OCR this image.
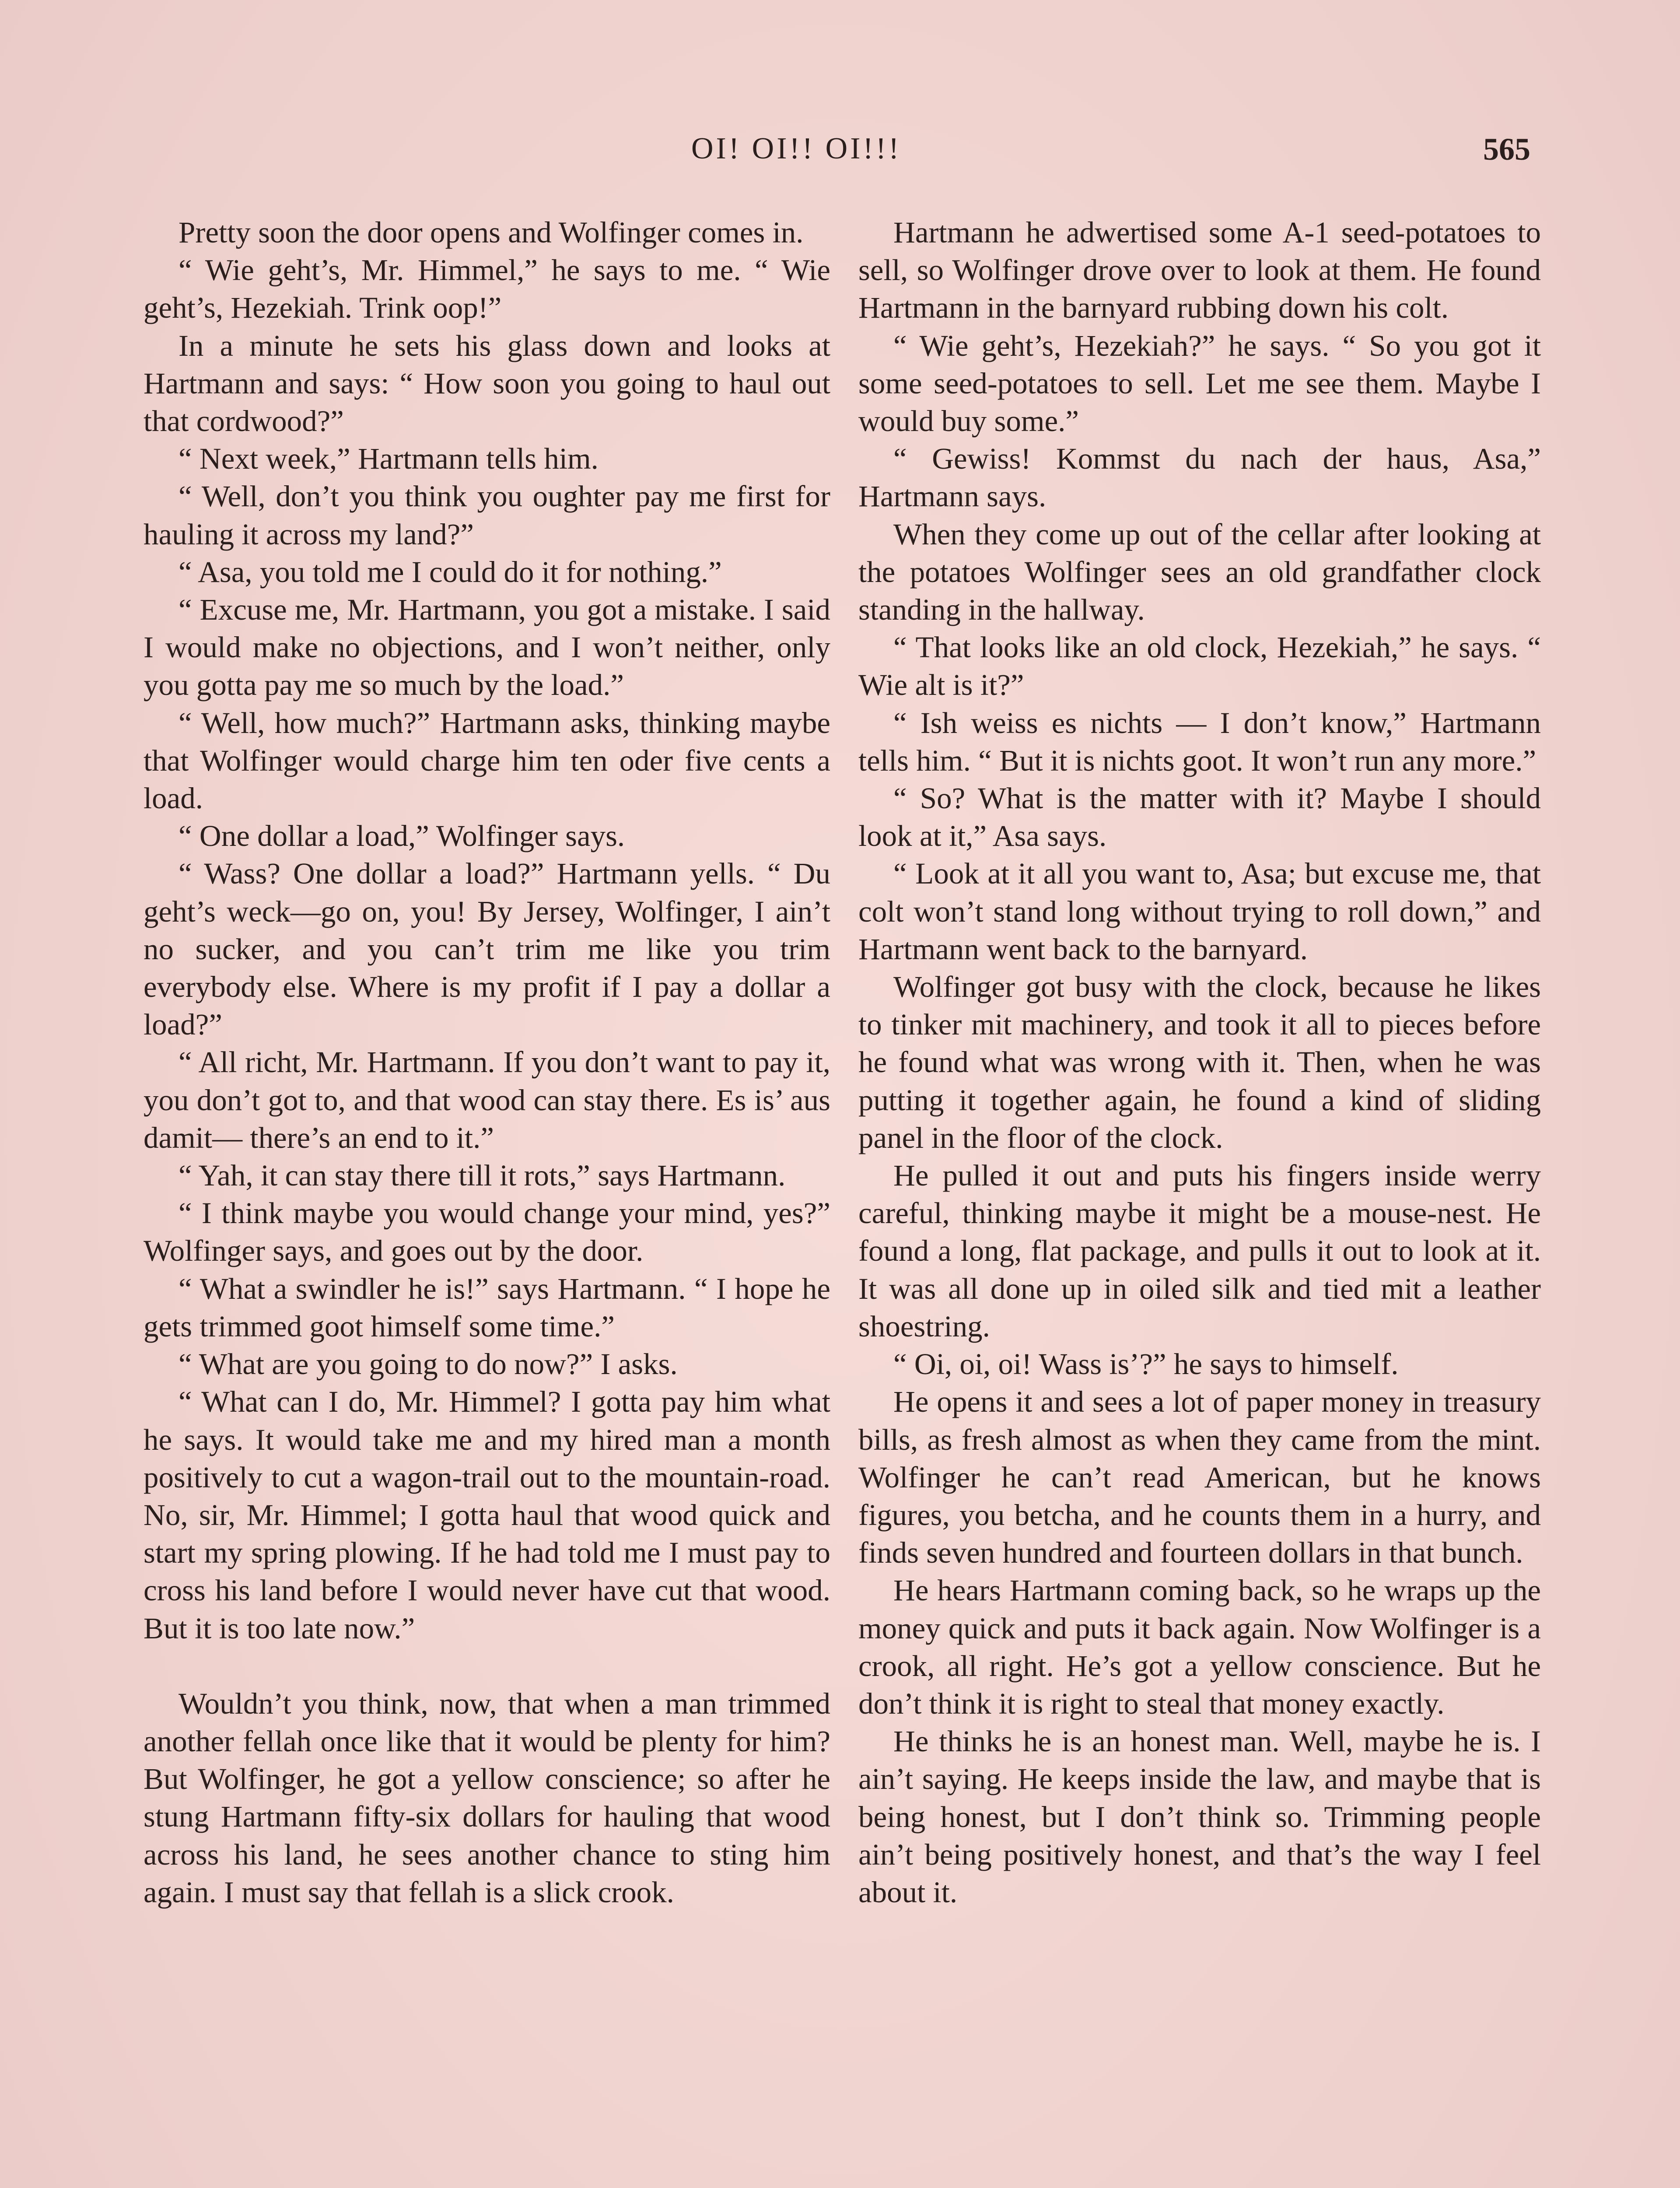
OI! OI!! OI!!!	565

Pretty soon the door opens and Wolfinger comes in.

“ Wie geht’s, Mr. Himmel,” he says to me. “ Wie geht’s, Hezekiah. Trink oop!”

In a minute he sets his glass down and looks at Hartmann and says: “ How soon you going to haul out that cordwood?”

“ Next week,” Hartmann tells him.

“ Well, don’t you think you oughter pay me first for hauling it across my land?”

“ Asa, you told me I could do it for nothing.”

“ Excuse me, Mr. Hartmann, you got a mistake. I said I would make no objections, and I won’t neither, only you gotta pay me so much by the load.”

“ Well, how much?” Hartmann asks, thinking maybe that Wolfinger would charge him ten oder five cents a load.

“ One dollar a load,” Wolfinger says.

“ Wass? One dollar a load?” Hartmann yells. “ Du geht’s weck—go on, you! By Jersey, Wolfinger, I ain’t no sucker, and you can’t trim me like you trim everybody else. Where is my profit if I pay a dollar a load?”

“ All richt, Mr. Hartmann. If you don’t want to pay it, you don’t got to, and that wood can stay there. Es is’ aus damit— there’s an end to it.”

“ Yah, it can stay there till it rots,” says Hartmann.

“ I think maybe you would change your mind, yes?” Wolfinger says, and goes out by the door.

“ What a swindler he is!” says Hartmann. “ I hope he gets trimmed goot himself some time.”

“ What are you going to do now?” I asks.

“ What can I do, Mr. Himmel? I gotta pay him what he says. It would take me and my hired man a month positively to cut a wagon-trail out to the mountain-road. No, sir, Mr. Himmel; I gotta haul that wood quick and start my spring plowing. If he had told me I must pay to cross his land before I would never have cut that wood. But it is too late now.”

Wouldn’t you think, now, that when a man trimmed another fellah once like that it would be plenty for him? But Wolfinger, he got a yellow conscience; so after he stung Hartmann fifty-six dollars for hauling that wood across his land, he sees another chance to sting him again. I must say that fellah is a slick crook.

Hartmann he adwertised some A-1 seed-potatoes to sell, so Wolfinger drove over to look at them. He found Hartmann in the barnyard rubbing down his colt.

“ Wie geht’s, Hezekiah?” he says. “ So you got it some seed-potatoes to sell. Let me see them. Maybe I would buy some.”

“ Gewiss! Kommst du nach der haus, Asa,” Hartmann says.

When they come up out of the cellar after looking at the potatoes Wolfinger sees an old grandfather clock standing in the hallway.

“ That looks like an old clock, Hezekiah,” he says. “ Wie alt is it?”

“ Ish weiss es nichts — I don’t know,” Hartmann tells him. “ But it is nichts goot. It won’t run any more.”

“ So? What is the matter with it? Maybe I should look at it,” Asa says.

“ Look at it all you want to, Asa; but excuse me, that colt won’t stand long without trying to roll down,” and Hartmann went back to the barnyard.

Wolfinger got busy with the clock, because he likes to tinker mit machinery, and took it all to pieces before he found what was wrong with it. Then, when he was putting it together again, he found a kind of sliding panel in the floor of the clock.

He pulled it out and puts his fingers inside werry careful, thinking maybe it might be a mouse-nest. He found a long, flat package, and pulls it out to look at it. It was all done up in oiled silk and tied mit a leather shoestring.

“ Oi, oi, oi! Wass is’?” he says to himself.

He opens it and sees a lot of paper money in treasury bills, as fresh almost as when they came from the mint. Wolfinger he can’t read American, but he knows figures, you betcha, and he counts them in a hurry, and finds seven hundred and fourteen dollars in that bunch.

He hears Hartmann coming back, so he wraps up the money quick and puts it back again. Now Wolfinger is a crook, all right. He’s got a yellow conscience. But he don’t think it is right to steal that money exactly.

He thinks he is an honest man. Well, maybe he is. I ain’t saying. He keeps inside the law, and maybe that is being honest, but I don’t think so. Trimming people ain’t being positively honest, and that’s the way I feel about it.
